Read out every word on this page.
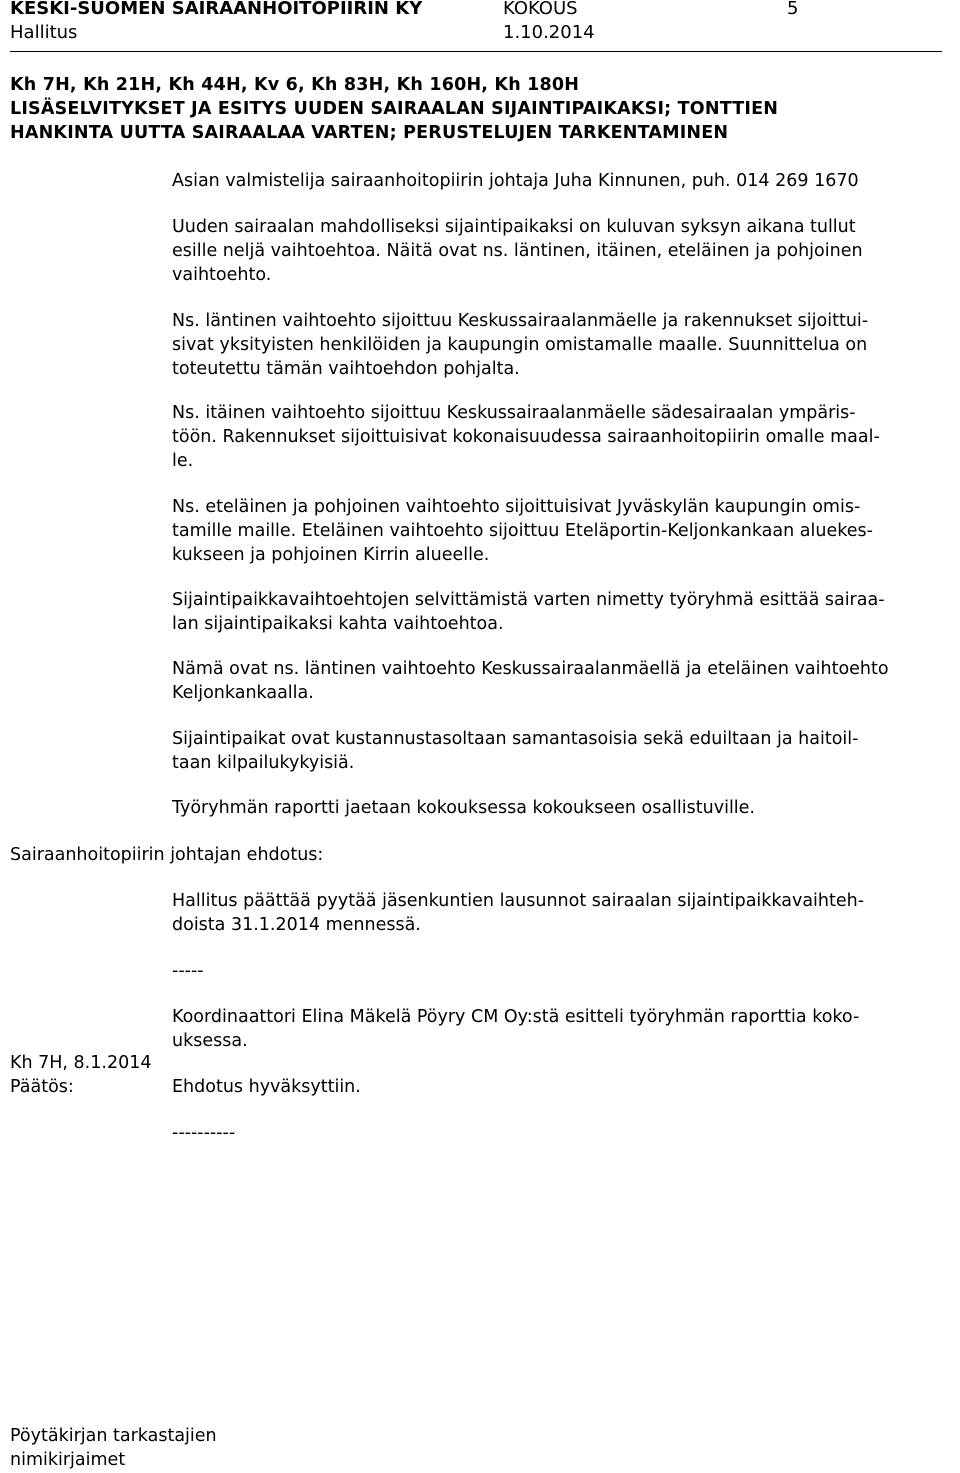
KESKI-SUOMEN SAIRAANHOITOPIIRIN KY	KOKOUS	5
Hallitus	1.10.2014
Kh 7H, Kh 21H, Kh 44H, Kv 6, Kh 83H, Kh 160H, Kh 180H
LISÄSELVITYKSET JA ESITYS UUDEN SAIRAALAN SIJAINTIPAIKAKSI; TONTTIEN
HANKINTA UUTTA SAIRAALAA VARTEN; PERUSTELUJEN TARKENTAMINEN
Asian valmistelija sairaanhoitopiirin johtaja Juha Kinnunen, puh. 014 269 1670
Uuden sairaalan mahdolliseksi sijaintipaikaksi on kuluvan syksyn aikana tullut
esille neljä vaihtoehtoa. Näitä ovat ns. läntinen, itäinen, eteläinen ja pohjoinen
vaihtoehto.
Ns. läntinen vaihtoehto sijoittuu Keskussairaalanmäelle ja rakennukset sijoittui-
sivat yksityisten henkilöiden ja kaupungin omistamalle maalle. Suunnittelua on
toteutettu tämän vaihtoehdon pohjalta.
Ns. itäinen vaihtoehto sijoittuu Keskussairaalanmäelle sädesairaalan ympäris-
töön. Rakennukset sijoittuisivat kokonaisuudessa sairaanhoitopiirin omalle maal-
le.
Ns. eteläinen ja pohjoinen vaihtoehto sijoittuisivat Jyväskylän kaupungin omis-
tamille maille. Eteläinen vaihtoehto sijoittuu Eteläportin-Keljonkankaan aluekes-
kukseen ja pohjoinen Kirrin alueelle.
Sijaintipaikkavaihtoehtojen selvittämistä varten nimetty työryhmä esittää sairaa-
lan sijaintipaikaksi kahta vaihtoehtoa.
Nämä ovat ns. läntinen vaihtoehto Keskussairaalanmäellä ja eteläinen vaihtoehto
Keljonkankaalla.
Sijaintipaikat ovat kustannustasoltaan samantasoisia sekä eduiltaan ja haitoil-
taan kilpailukykyisiä.
Työryhmän raportti jaetaan kokouksessa kokoukseen osallistuville.
Sairaanhoitopiirin johtajan ehdotus:
Hallitus päättää pyytää jäsenkuntien lausunnot sairaalan sijaintipaikkavaihteh-
doista 31.1.2014 mennessä.
-----
Koordinaattori Elina Mäkelä Pöyry CM Oy:stä esitteli työryhmän raporttia koko-
uksessa.
Kh 7H, 8.1.2014
Päätös:	Ehdotus hyväksyttiin.
----------
Pöytäkirjan tarkastajien
nimikirjaimet
